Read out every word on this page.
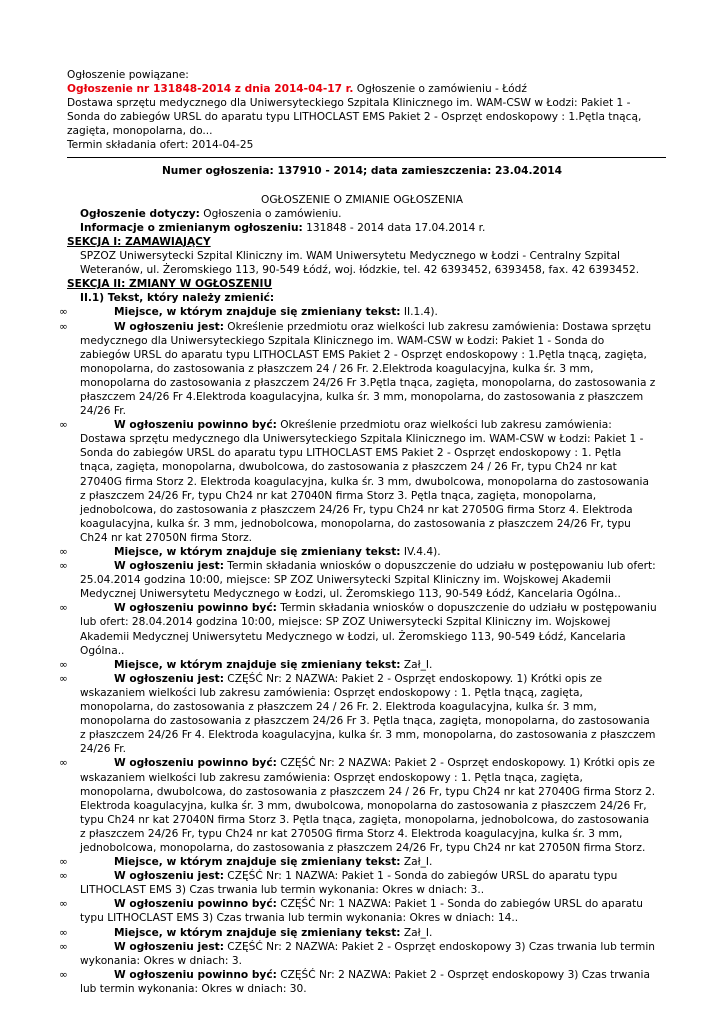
Ogłoszenie powiązane:
Ogłoszenie nr 131848-2014 z dnia 2014-04-17 r. Ogłoszenie o zamówieniu - Łódź
Dostawa sprzętu medycznego dla Uniwersyteckiego Szpitala Klinicznego im. WAM-CSW w Łodzi: Pakiet 1 - Sonda do zabiegów URSL do aparatu typu LITHOCLAST EMS Pakiet 2 - Osprzęt endoskopowy : 1.Pętla tnącą, zagięta, monopolarna, do...
Termin składania ofert: 2014-04-25
Numer ogłoszenia: 137910 - 2014; data zamieszczenia: 23.04.2014
OGŁOSZENIE O ZMIANIE OGŁOSZENIA
Ogłoszenie dotyczy: Ogłoszenia o zamówieniu.
Informacje o zmienianym ogłoszeniu: 131848 - 2014 data 17.04.2014 r.
SEKCJA I: ZAMAWIAJĄCY
SPZOZ Uniwersytecki Szpital Kliniczny im. WAM Uniwersytetu Medycznego w Łodzi - Centralny Szpital Weteranów, ul. Żeromskiego 113, 90-549 Łódź, woj. łódzkie, tel. 42 6393452, 6393458, fax. 42 6393452.
SEKCJA II: ZMIANY W OGŁOSZENIU
II.1) Tekst, który należy zmienić:
∞	Miejsce, w którym znajduje się zmieniany tekst: II.1.4).
∞	W ogłoszeniu jest: Określenie przedmiotu oraz wielkości lub zakresu zamówienia: Dostawa sprzętu medycznego dla Uniwersyteckiego Szpitala Klinicznego im. WAM-CSW w Łodzi: Pakiet 1 - Sonda do zabiegów URSL do aparatu typu LITHOCLAST EMS Pakiet 2 - Osprzęt endoskopowy : 1.Pętla tnącą, zagięta, monopolarna, do zastosowania z płaszczem 24 / 26 Fr. 2.Elektroda koagulacyjna, kulka śr. 3 mm, monopolarna do zastosowania z płaszczem 24/26 Fr 3.Pętla tnąca, zagięta, monopolarna, do zastosowania z płaszczem 24/26 Fr 4.Elektroda koagulacyjna, kulka śr. 3 mm, monopolarna, do zastosowania z płaszczem 24/26 Fr.
∞	W ogłoszeniu powinno być: Określenie przedmiotu oraz wielkości lub zakresu zamówienia: Dostawa sprzętu medycznego dla Uniwersyteckiego Szpitala Klinicznego im. WAM-CSW w Łodzi: Pakiet 1 - Sonda do zabiegów URSL do aparatu typu LITHOCLAST EMS Pakiet 2 - Osprzęt endoskopowy : 1. Pętla tnąca, zagięta, monopolarna, dwubolcowa, do zastosowania z płaszczem 24 / 26 Fr, typu Ch24 nr kat 27040G firma Storz 2. Elektroda koagulacyjna, kulka śr. 3 mm, dwubolcowa, monopolarna do zastosowania z płaszczem 24/26 Fr, typu Ch24 nr kat 27040N firma Storz 3. Pętla tnąca, zagięta, monopolarna, jednobolcowa, do zastosowania z płaszczem 24/26 Fr, typu Ch24 nr kat 27050G firma Storz 4. Elektroda koagulacyjna, kulka śr. 3 mm, jednobolcowa, monopolarna, do zastosowania z płaszczem 24/26 Fr, typu Ch24 nr kat 27050N firma Storz.
∞	Miejsce, w którym znajduje się zmieniany tekst: IV.4.4).
∞	W ogłoszeniu jest: Termin składania wniosków o dopuszczenie do udziału w postępowaniu lub ofert: 25.04.2014 godzina 10:00, miejsce: SP ZOZ Uniwersytecki Szpital Kliniczny im. Wojskowej Akademii Medycznej Uniwersytetu Medycznego w Łodzi, ul. Żeromskiego 113, 90-549 Łódź, Kancelaria Ogólna..
∞	W ogłoszeniu powinno być: Termin składania wniosków o dopuszczenie do udziału w postępowaniu lub ofert: 28.04.2014 godzina 10:00, miejsce: SP ZOZ Uniwersytecki Szpital Kliniczny im. Wojskowej Akademii Medycznej Uniwersytetu Medycznego w Łodzi, ul. Żeromskiego 113, 90-549 Łódź, Kancelaria Ogólna..
∞	Miejsce, w którym znajduje się zmieniany tekst: Zał_I.
∞	W ogłoszeniu jest: CZĘŚĆ Nr: 2 NAZWA: Pakiet 2 - Osprzęt endoskopowy. 1) Krótki opis ze wskazaniem wielkości lub zakresu zamówienia: Osprzęt endoskopowy : 1. Pętla tnącą, zagięta, monopolarna, do zastosowania z płaszczem 24 / 26 Fr. 2. Elektroda koagulacyjna, kulka śr. 3 mm, monopolarna do zastosowania z płaszczem 24/26 Fr 3. Pętla tnąca, zagięta, monopolarna, do zastosowania z płaszczem 24/26 Fr 4. Elektroda koagulacyjna, kulka śr. 3 mm, monopolarna, do zastosowania z płaszczem 24/26 Fr.
∞	W ogłoszeniu powinno być: CZĘŚĆ Nr: 2 NAZWA: Pakiet 2 - Osprzęt endoskopowy. 1) Krótki opis ze wskazaniem wielkości lub zakresu zamówienia: Osprzęt endoskopowy : 1. Pętla tnąca, zagięta, monopolarna, dwubolcowa, do zastosowania z płaszczem 24 / 26 Fr, typu Ch24 nr kat 27040G firma Storz 2. Elektroda koagulacyjna, kulka śr. 3 mm, dwubolcowa, monopolarna do zastosowania z płaszczem 24/26 Fr, typu Ch24 nr kat 27040N firma Storz 3. Pętla tnąca, zagięta, monopolarna, jednobolcowa, do zastosowania z płaszczem 24/26 Fr, typu Ch24 nr kat 27050G firma Storz 4. Elektroda koagulacyjna, kulka śr. 3 mm, jednobolcowa, monopolarna, do zastosowania z płaszczem 24/26 Fr, typu Ch24 nr kat 27050N firma Storz.
∞	Miejsce, w którym znajduje się zmieniany tekst: Zał_I.
∞	W ogłoszeniu jest: CZĘŚĆ Nr: 1 NAZWA: Pakiet 1 - Sonda do zabiegów URSL do aparatu typu LITHOCLAST EMS 3) Czas trwania lub termin wykonania: Okres w dniach: 3..
∞	W ogłoszeniu powinno być: CZĘŚĆ Nr: 1 NAZWA: Pakiet 1 - Sonda do zabiegów URSL do aparatu typu LITHOCLAST EMS 3) Czas trwania lub termin wykonania: Okres w dniach: 14..
∞	Miejsce, w którym znajduje się zmieniany tekst: Zał_I.
∞	W ogłoszeniu jest: CZĘŚĆ Nr: 2 NAZWA: Pakiet 2 - Osprzęt endoskopowy 3) Czas trwania lub termin wykonania: Okres w dniach: 3.
∞	W ogłoszeniu powinno być: CZĘŚĆ Nr: 2 NAZWA: Pakiet 2 - Osprzęt endoskopowy 3) Czas trwania lub termin wykonania: Okres w dniach: 30.
